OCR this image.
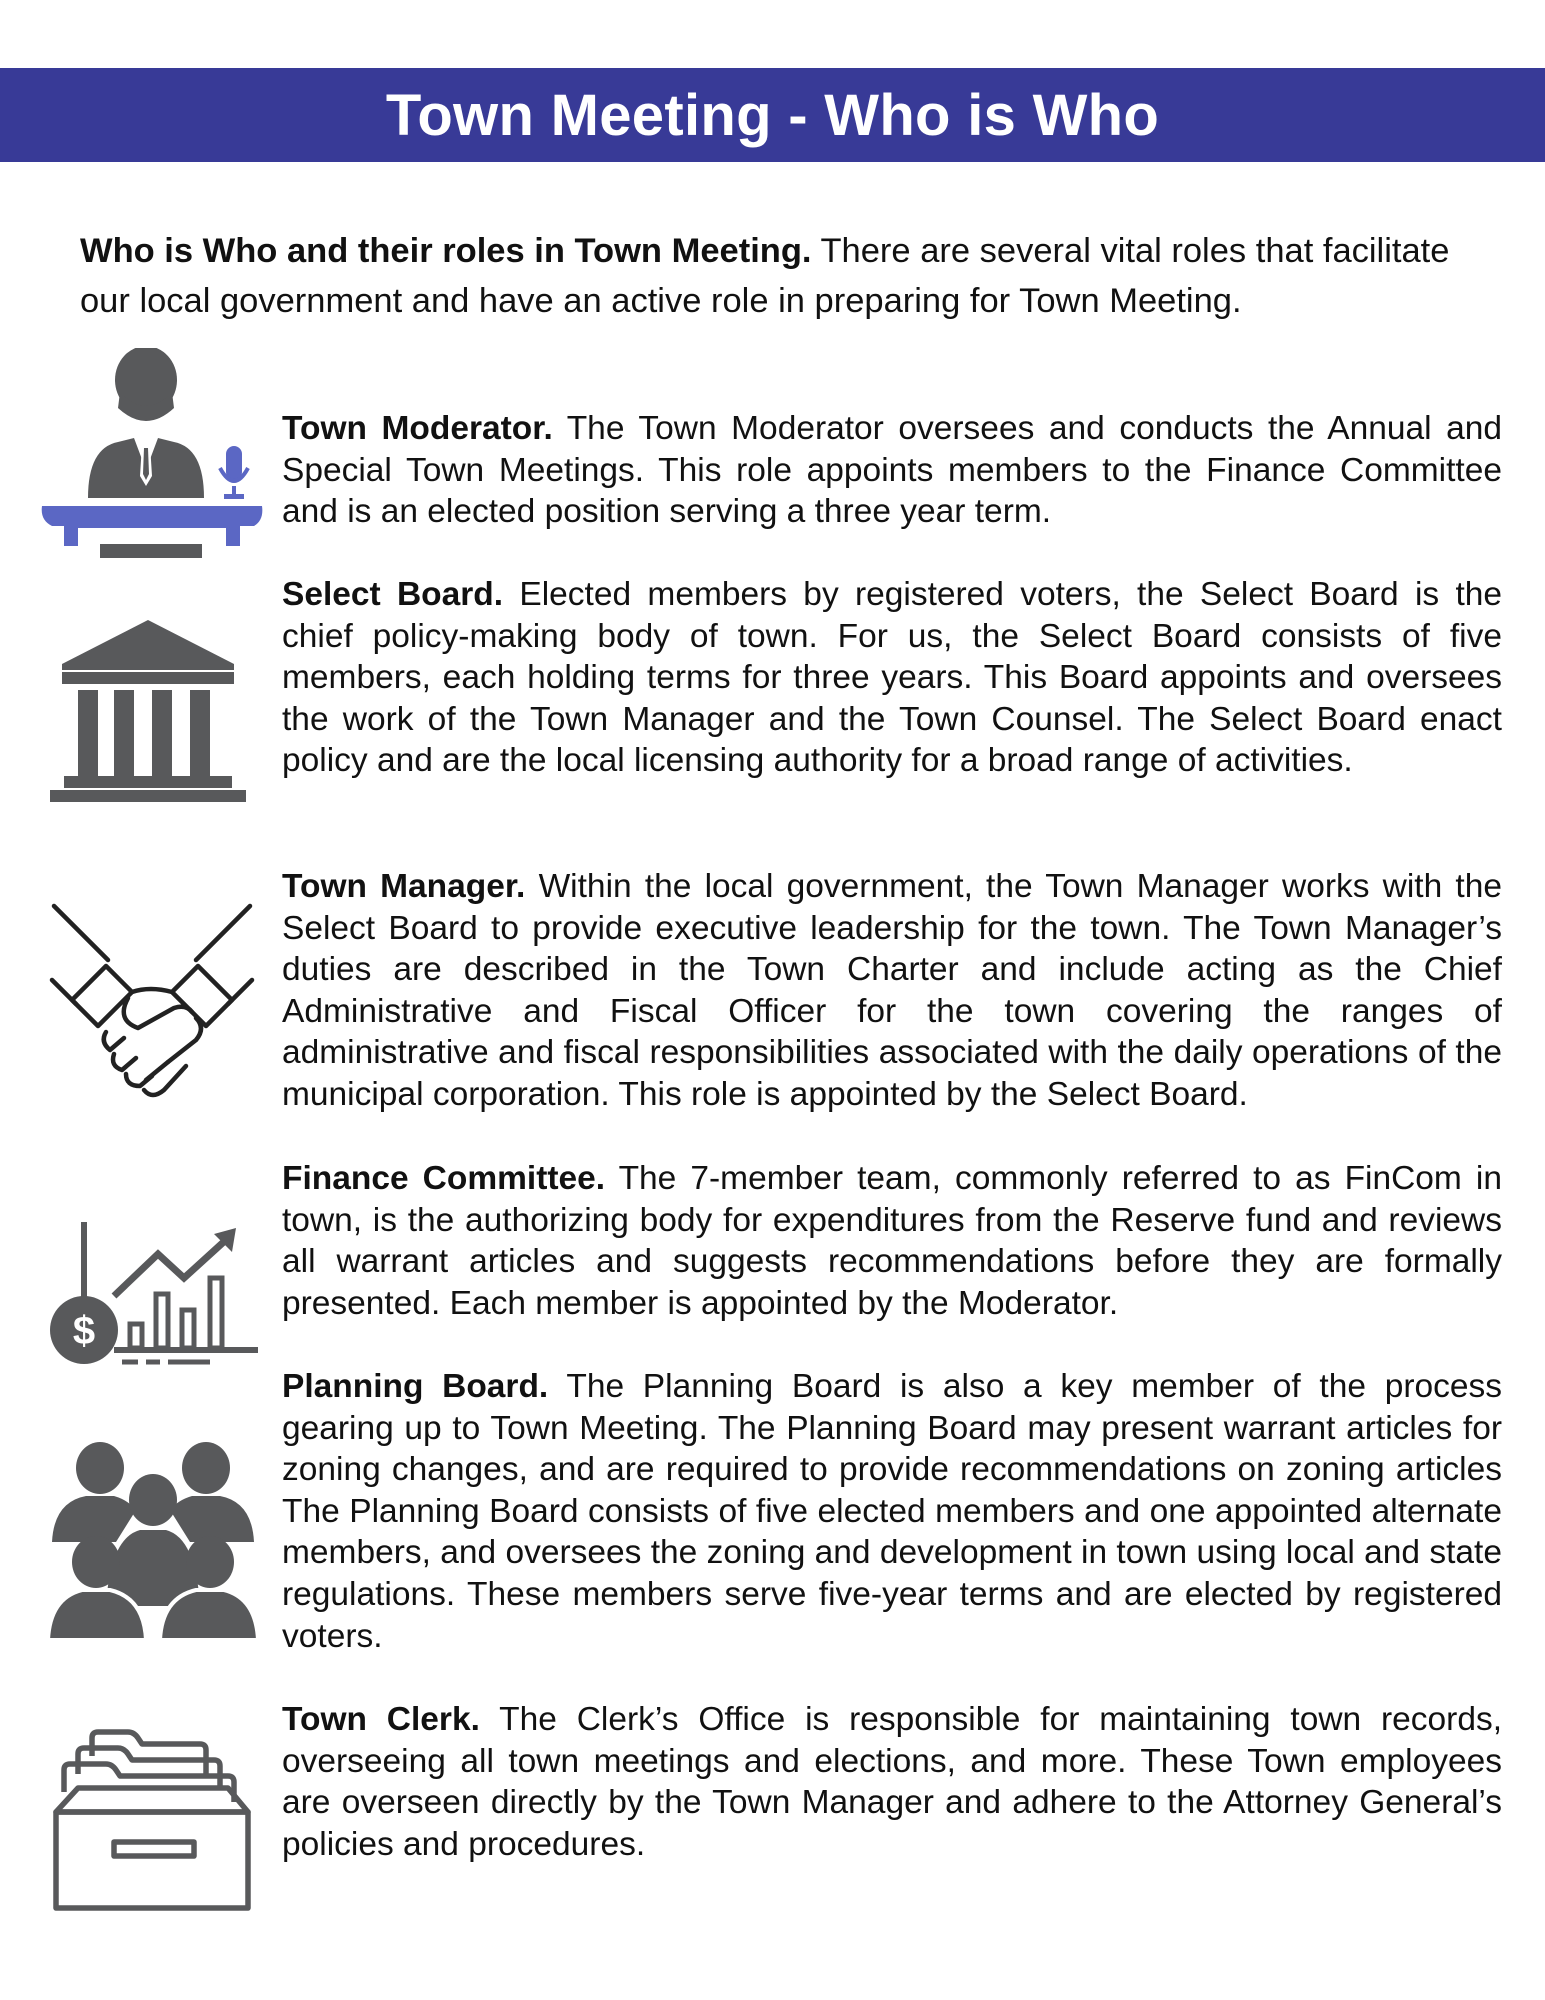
Town Meeting - Who is Who

Who is Who and their roles in Town Meeting. There are several vital roles that facilitate our local government and have an active role in preparing for Town Meeting.

Town Moderator. The Town Moderator oversees and conducts the Annual and Special Town Meetings. This role appoints members to the Finance Committee and is an elected position serving a three year term.

Select Board. Elected members by registered voters, the Select Board is the chief policy-making body of town. For us, the Select Board consists of five members, each holding terms for three years. This Board appoints and oversees the work of the Town Manager and the Town Counsel. The Select Board enact policy and are the local licensing authority for a broad range of activities.

Town Manager. Within the local government, the Town Manager works with the Select Board to provide executive leadership for the town. The Town Manager’s duties are described in the Town Charter and include acting as the Chief Administrative and Fiscal Officer for the town covering the ranges of administrative and fiscal responsibilities associated with the daily operations of the municipal corporation. This role is appointed by the Select Board.

$

Finance Committee. The 7-member team, commonly referred to as FinCom in town, is the authorizing body for expenditures from the Reserve fund and reviews all warrant articles and suggests recommendations before they are formally presented. Each member is appointed by the Moderator.

Planning Board. The Planning Board is also a key member of the process gearing up to Town Meeting. The Planning Board may present warrant articles for zoning changes, and are required to provide recommendations on zoning articles The Planning Board consists of five elected members and one appointed alternate members, and oversees the zoning and development in town using local and state regulations. These members serve five-year terms and are elected by registered voters.

Town Clerk. The Clerk’s Office is responsible for maintaining town records, overseeing all town meetings and elections, and more. These Town employees are overseen directly by the Town Manager and adhere to the Attorney General’s policies and procedures.
